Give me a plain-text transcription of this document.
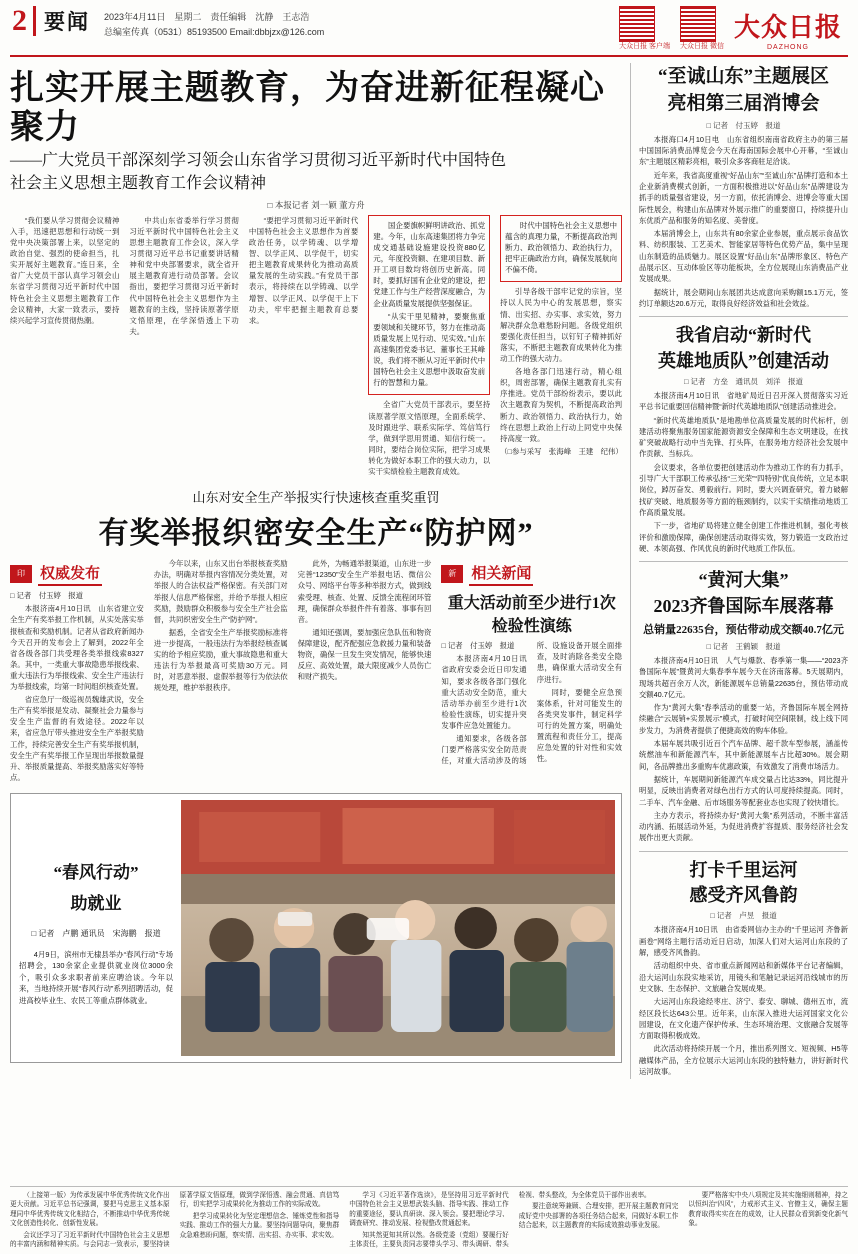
2 要闻 2023年4月11日　星期二　责任编辑　沈静　王志浩
总编室传真（0531）85193500 Email:dbbjzx@126.com
大众日报 客户端 大众日报 微信
大众日报
DAZHONG
扎实开展主题教育，为奋进新征程凝心聚力
——广大党员干部深刻学习领会山东省学习贯彻习近平新时代中国特色
社会主义思想主题教育工作会议精神
□ 本报记者 刘一颖 董方舟

“我们要从学习贯彻会议精神入手，迅速把思想和行动统一到党中央决策部署上来，以坚定的政治自觉、强烈的使命担当，扎实开展好主题教育。”连日来，全省广大党员干部认真学习领会山东省学习贯彻习近平新时代中国特色社会主义思想主题教育工作会议精神，大家一致表示，要持续兴起学习宣传贯彻热潮。

中共山东省委举行学习贯彻习近平新时代中国特色社会主义思想主题教育工作会议，深入学习贯彻习近平总书记重要讲话精神和党中央部署要求，就全省开展主题教育进行动员部署。会议指出，要把学习贯彻习近平新时代中国特色社会主义思想作为主题教育的主线，坚持读原著学原文悟原理，在学深悟透上下功夫。

“要把学习贯彻习近平新时代中国特色社会主义思想作为首要政治任务，以学铸魂、以学增智、以学正风、以学促干，切实把主题教育成果转化为推动高质量发展的生动实践。”有党员干部表示，将持续在以学铸魂、以学增智、以学正风、以学促干上下功夫，牢牢把握主题教育总要求。

国企要旗帜鲜明讲政治、抓党建。今年，山东高速集团将力争完成交通基础设施建设投资880亿元，年度投资额、在建项目数、新开工项目数均将创历史新高。同时，要抓好国有企业党的建设，把党建工作与生产经营深度融合，为企业高质量发展提供坚强保证。

“从实干里见精神，要聚焦重要领域和关键环节，努力在推动高质量发展上见行动、见实效。”山东高速集团党委书记、董事长王其峰说，我们将不断从习近平新时代中国特色社会主义思想中汲取奋发前行的智慧和力量。

全省广大党员干部表示，要坚持读原著学原文悟原理，全面系统学、及时跟进学、联系实际学、笃信笃行学，做到学思用贯通、知信行统一。同时，要结合岗位实际，把学习成果转化为做好本职工作的强大动力，以实干实绩检验主题教育成效。

时代中国特色社会主义思想中蕴含的真理力量，不断提高政治判断力、政治领悟力、政治执行力，把牢正确政治方向，确保发展航向不偏不倚。

引导各级干部牢记党的宗旨，坚持以人民为中心的发展思想，察实情、出实招、办实事、求实效，努力解决群众急难愁盼问题。各级党组织要强化责任担当，以钉钉子精神抓好落实，不断把主题教育成果转化为推动工作的强大动力。

各地各部门迅速行动，精心组织，周密部署，确保主题教育扎实有序推进。党员干部纷纷表示，要以此次主题教育为契机，不断提高政治判断力、政治领悟力、政治执行力，始终在思想上政治上行动上同党中央保持高度一致。

（□参与采写　张海峰　王建　纪伟）

山东对安全生产举报实行快速核查重奖重罚
有奖举报织密安全生产“防护网”
印	权威发布

□ 记者　付玉婷　报道

本报济南4月10日讯　山东省建立安全生产有奖举报工作机制，从实处落实举报核查和奖励机制。记者从省政府新闻办今天召开的发布会上了解到，2022年全省各级各部门共受理各类举报线索8327条。其中，一类重大事故隐患举报线索、重大违法行为举报线索、安全生产违法行为举报线索，均第一时间组织核查处置。

省应急厅一级巡视员魏雄武说，安全生产有奖举报是发动、凝聚社会力量参与安全生产监督的有效途径。2022年以来，省应急厅带头推进安全生产举报奖励工作，持续完善安全生产有奖举报机制，安全生产有奖举报工作呈现出举报数量提升、举报质量提高、举报奖励落实好等特点。

今年以来，山东又出台举报核查奖励办法，明确对举报内容情况分类处置，对举报人的合法权益严格保密。有关部门对举报人信息严格保密，并给予举报人相应奖励，鼓励群众积极参与安全生产社会监督，共同织密安全生产“防护网”。

据悉，全省安全生产举报奖励标准将进一步提高，一般违法行为举报经核查属实的给予相应奖励，重大事故隐患和重大违法行为举报最高可奖励30万元。同时，对恶意举报、虚假举报等行为依法依规处理，维护举报秩序。

此外，为畅通举报渠道，山东进一步完善“12350”安全生产举报电话、微信公众号、网络平台等多种举报方式，做到线索受理、核查、处置、反馈全流程闭环管理，确保群众举报件件有着落、事事有回音。

通知还强调，要加强应急队伍和物资保障建设，配齐配强应急救援力量和装备物资，确保一旦发生突发情况，能够快速反应、高效处置，最大限度减少人员伤亡和财产损失。

新	相关新闻
重大活动前至少进行1次检验性演练

□ 记者　付玉婷　报道

本报济南4月10日讯　省政府安委会近日印发通知，要求各级各部门强化重大活动安全防范，重大活动举办前至少进行1次检验性演练，切实提升突发事件应急处置能力。

通知要求，各级各部门要严格落实安全防范责任，对重大活动涉及的场所、设施设备开展全面排查，及时消除各类安全隐患，确保重大活动安全有序进行。

同时，要健全应急预案体系，针对可能发生的各类突发事件，制定科学可行的处置方案，明确处置流程和责任分工，提高应急处置的针对性和实效性。

“春风行动”
助就业
□ 记者　卢鹏 通讯员　宋海鹏　报道
4月9日，滨州市无棣县举办“春风行动”专场招聘会，130余家企业提供就业岗位3000余个，吸引众多求职者前来应聘洽谈。今年以来，当地持续开展“春风行动”系列招聘活动，促进高校毕业生、农民工等重点群体就业。
“至诚山东”主题展区
亮相第三届消博会
□ 记者　付玉婷　报道

本报海口4月10日电　山东省组织南南省政府主办的第三届中国国际消费品博览会今天在海南国际会展中心开幕，“至诚山东”主题展区精彩亮相，吸引众多客商驻足洽谈。

近年来，我省高度重视“好品山东”“至诚山东”品牌打造和本土企业新消费模式创新，一方面积极推进以“好品山东”品牌建设为抓手的质量强省建设，另一方面，依托消博会、进博会等重大国际性展会，构建山东品牌对外展示推广的重要窗口，持续提升山东优质产品和服务的知名度、美誉度。

本届消博会上，山东共有80余家企业参展，重点展示食品饮料、纺织服装、工艺美术、智能家居等特色优势产品，集中呈现山东制造的品质魅力。展区设置“好品山东”品牌形象区、特色产品展示区、互动体验区等功能板块，全方位展现山东消费品产业发展成果。

据统计，展会期间山东展团共达成意向采购额15.1万元，签约订单额达20.6万元，取得良好经济效益和社会效益。

我省启动“新时代
英雄地质队”创建活动
□ 记者　方垒　通讯员　刘洋　报道

本报济南4月10日讯　省地矿局近日召开深入贯彻落实习近平总书记重要回信精神暨“新时代英雄地质队”创建活动推进会。

“新时代英雄地质队”是地勘单位高质量发展的时代标杆，创建活动将聚焦服务国家能源资源安全保障和生态文明建设，在找矿突破战略行动中当先锋、打头阵，在服务地方经济社会发展中作贡献、当标兵。

会议要求，各单位要把创建活动作为推动工作的有力抓手，引导广大干部职工传承弘扬“三光荣”“四特别”优良传统，立足本职岗位，踔厉奋发、勇毅前行。同时，要大兴调查研究，着力破解找矿突破、地质服务等方面的瓶颈制约，以实干实绩推动地质工作高质量发展。

下一步，省地矿局将建立健全创建工作推进机制，强化考核评价和激励保障，确保创建活动取得实效，努力锻造一支政治过硬、本领高强、作风优良的新时代地质工作队伍。

“黄河大集”
2023齐鲁国际车展落幕
总销量22635台，预估带动成交额40.7亿元
□ 记者　王鹤颖　报道

本报济南4月10日讯　人气与爆款、春季第一集——“2023齐鲁国际车展”暨黄河大集春季车展今天在济南落幕。5天展期内，现场共超百余万人次，新能源展车总销量22635台，预估带动成交额40.7亿元。

作为“黄河大集”春季活动的重要一站，齐鲁国际车展全网持续融合“云展销+实景展示”模式，打破时间空间限制，线上线下同步发力，为消费者提供了便捷高效的购车体验。

本届车展共吸引近百个汽车品牌、超千款车型参展，涵盖传统燃油车和新能源汽车，其中新能源展车占比超30%。展会期间，各品牌推出多重购车优惠政策，有效激发了消费市场活力。

据统计，车展期间新能源汽车成交量占比达33%，同比提升明显，反映出消费者对绿色出行方式的认可度持续提高。同时，二手车、汽车金融、后市场服务等配套业态也实现了较快增长。

主办方表示，将持续办好“黄河大集”系列活动，不断丰富活动内涵、拓展活动外延，为促进消费扩容提质、服务经济社会发展作出更大贡献。

打卡千里运河
感受齐风鲁韵
□ 记者　卢昱　报道

本报济南4月10日讯　由省委网信办主办的“千里运河 齐鲁新画卷”网络主题行活动近日启动，加深人们对大运河山东段的了解，感受齐风鲁韵。

活动组织中央、省市重点新闻网站和新媒体平台记者编辑，沿大运河山东段实地采访，用镜头和笔触记录运河沿线城市的历史文脉、生态保护、文旅融合发展成果。

大运河山东段途经枣庄、济宁、泰安、聊城、德州五市，流经区段长达643公里。近年来，山东深入推进大运河国家文化公园建设，在文化遗产保护传承、生态环境治理、文旅融合发展等方面取得积极成效。

此次活动将持续开展一个月，推出系列图文、短视频、H5等融媒体产品，全方位展示大运河山东段的独特魅力，讲好新时代运河故事。

（上接第一版）为传承发展中华优秀传统文化作出更大贡献。习近平总书记强调，要把马克思主义基本原理同中华优秀传统文化相结合，不断推动中华优秀传统文化创造性转化、创新性发展。

会议还学习了习近平新时代中国特色社会主义思想的丰富内涵和精神实质。与会同志一致表示，要坚持读原著学原文悟原理，做到学深悟透、融会贯通、真信笃行，切实把学习成果转化为推动工作的实际成效。

把学习成果转化为坚定理想信念、锤炼党性和指导实践、推动工作的强大力量。要坚持问题导向，聚焦群众急难愁盼问题，察实情、出实招、办实事、求实效。

学习《习近平著作选读》，是坚持用习近平新时代中国特色社会主义思想武装头脑、指导实践、推动工作的重要途径，要认真研读、深入领会。要把理论学习、调查研究、推动发展、检视整改贯通起来。

知其然更知其所以然。各级党委（党组）要履行好主体责任，主要负责同志要带头学习、带头调研、带头检视、带头整改，为全体党员干部作出表率。

要注意统筹兼顾、合理安排，把开展主题教育同完成好党中央部署的各项任务结合起来，同做好本职工作结合起来，以主题教育的实际成效推动事业发展。

要严格落实中央八项规定及其实施细则精神，持之以恒纠治“四风”，力戒形式主义、官僚主义，确保主题教育取得实实在在的成效，让人民群众看到新变化新气象。
